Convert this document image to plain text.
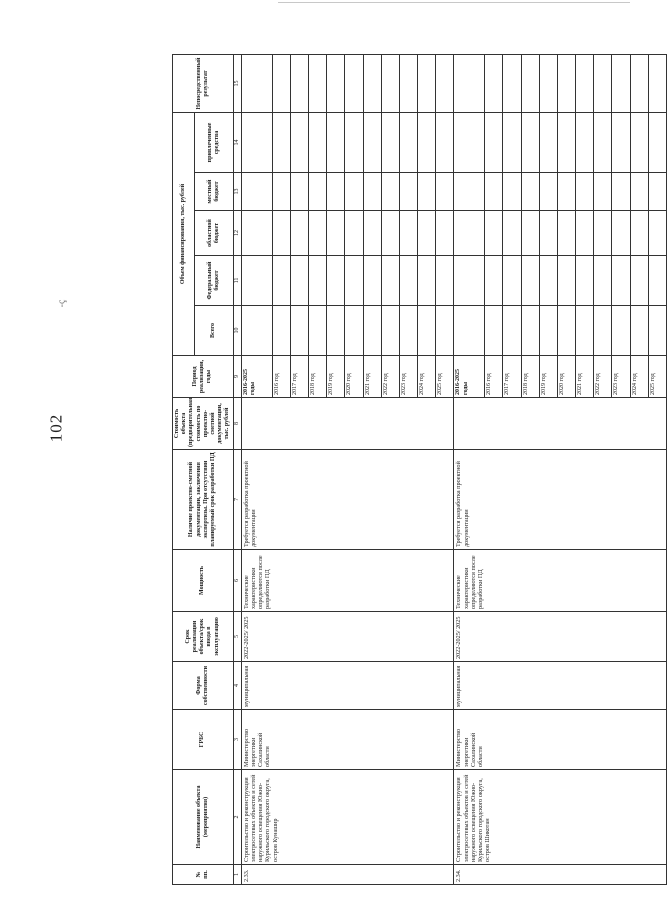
-ç
102
№ пп.	Наименование объекта (мероприятия)	ГРБС	Форма собственности	Срок реализации объекта/срок ввода в эксплуатацию	Мощность	Наличие проектно-сметной документации, заключения экспертизы. При отсутствии планируемый срок разработки ПД	Стоимость объекта (предварительная стоимость по проектно-сметной документации, тыс. рублей	Период реализации, годы	Объем финансирования, тыс. рублей					Непосредственный результат
									Всего	Федеральный бюджет	областной бюджет	местный бюджет	привлеченные средства	
1	2	3	4	5	6	7	8	9	10	11	12	13	14	15
2.33.	Строительство и реконструкция электросетевых объектов и сетей наружного освещения Южно-Курильского городского округа, остров Кунашир	Министерство энергетики Сахалинской области	муниципальная	2022-2025/ 2025	Технические характеристики определяются после разработки ПД	Требуется разработка проектной документации		2016-2025 годы						
								2016 год						
								2017 год						
								2018 год						
								2019 год						
								2020 год						
								2021 год						
								2022 год						
								2023 год						
								2024 год						
								2025 год						
2.34.	Строительство и реконструкция электросетевых объектов и сетей наружного освещения Южно-Курильского городского округа, остров Шикотан	Министерство энергетики Сахалинской области	муниципальная	2022-2025/ 2025	Технические характеристики определяются после разработки ПД	Требуется разработка проектной документации		2016-2025 годы						
								2016 год						
								2017 год						
								2018 год						
								2019 год						
								2020 год						
								2021 год						
								2022 год						
								2023 год						
								2024 год						
								2025 год						
